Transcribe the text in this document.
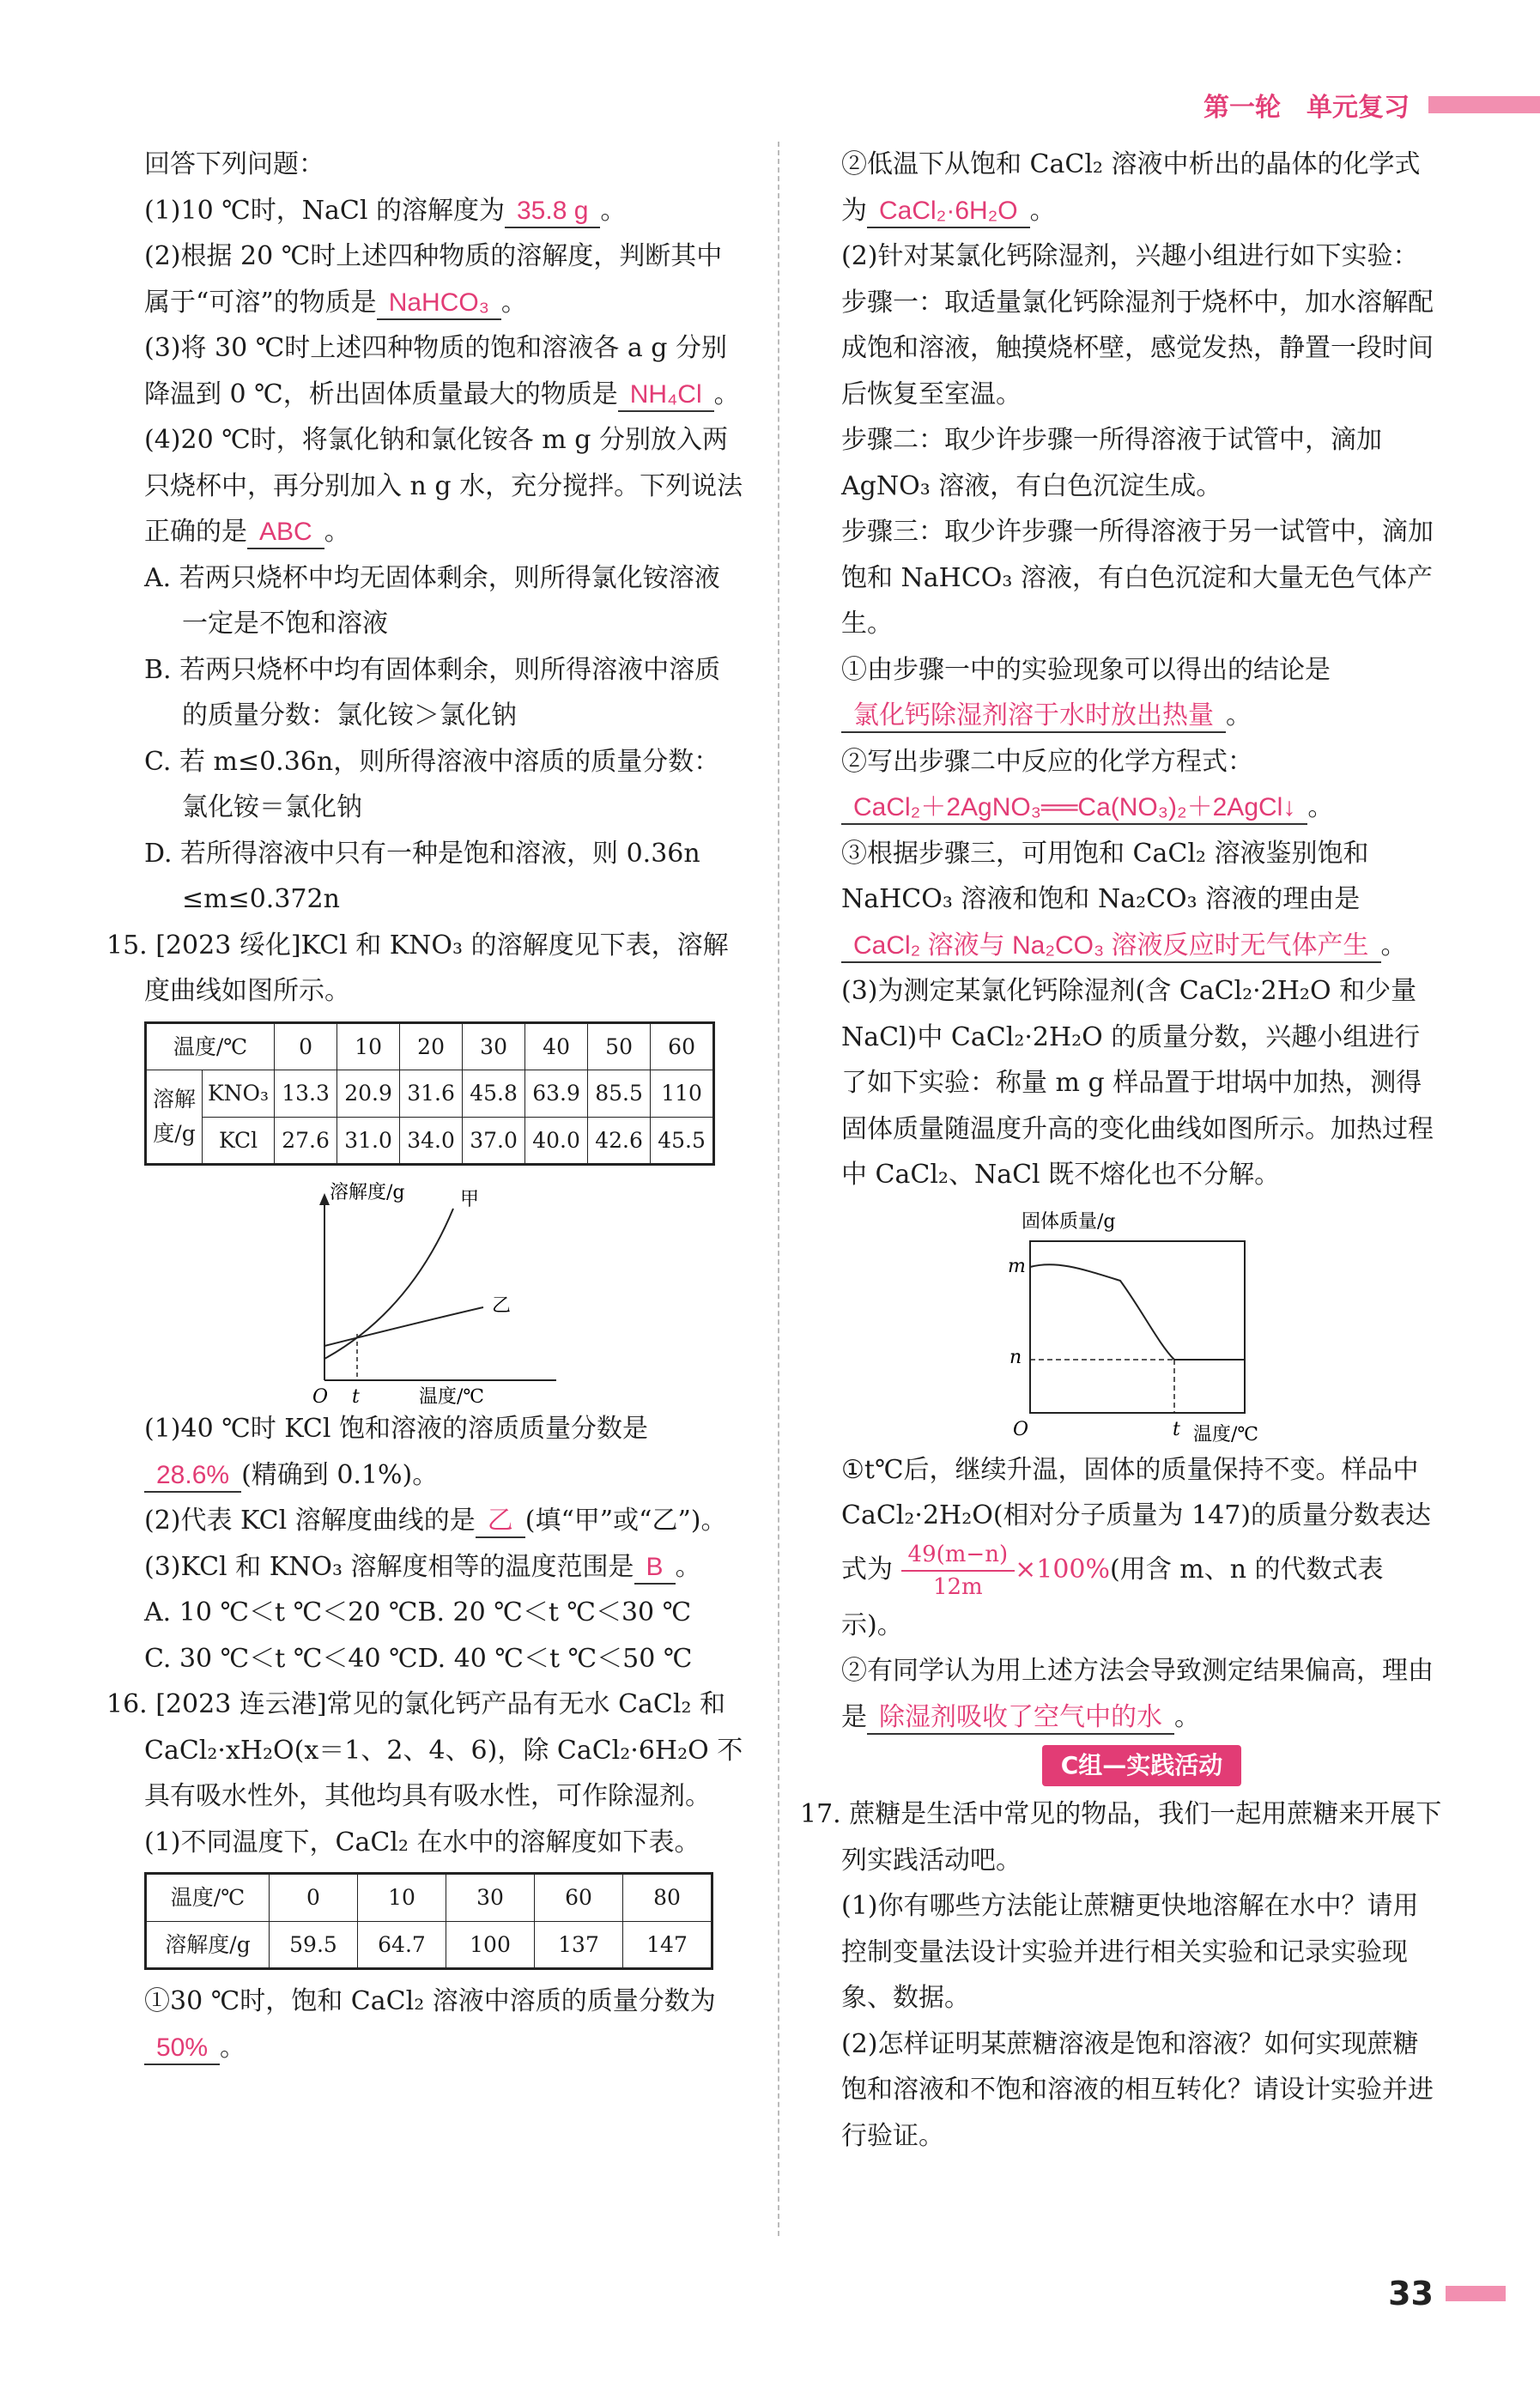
第一轮　单元复习

回答下列问题：

(1)10 ℃时，NaCl 的溶解度为 35.8 g 。

(2)根据 20 ℃时上述四种物质的溶解度，判断其中属于“可溶”的物质是 NaHCO₃ 。

(3)将 30 ℃时上述四种物质的饱和溶液各 a g 分别降温到 0 ℃，析出固体质量最大的物质是 NH₄Cl 。

(4)20 ℃时，将氯化钠和氯化铵各 m g 分别放入两只烧杯中，再分别加入 n g 水，充分搅拌。下列说法正确的是 ABC 。

A. 若两只烧杯中均无固体剩余，则所得氯化铵溶液一定是不饱和溶液

B. 若两只烧杯中均有固体剩余，则所得溶液中溶质的质量分数：氯化铵＞氯化钠

C. 若 m≤0.36n，则所得溶液中溶质的质量分数：氯化铵＝氯化钠

D. 若所得溶液中只有一种是饱和溶液，则 0.36n ≤m≤0.372n

15. [2023 绥化]KCl 和 KNO₃ 的溶解度见下表，溶解度曲线如图所示。

温度/℃		0	10	20	30	40	50	60
溶解度/g	KNO₃	13.3	20.9	31.6	45.8	63.9	85.5	110
	KCl	27.6	31.0	34.0	37.0	40.0	42.6	45.5
溶解度/g
温度/℃
O t
甲
乙

(1)40 ℃时 KCl 饱和溶液的溶质质量分数是28.6% (精确到 0.1%)。

(2)代表 KCl 溶解度曲线的是 乙 (填“甲”或“乙”)。

(3)KCl 和 KNO₃ 溶解度相等的温度范围是 B 。

A. 10 ℃＜t ℃＜20 ℃B. 20 ℃＜t ℃＜30 ℃

C. 30 ℃＜t ℃＜40 ℃D. 40 ℃＜t ℃＜50 ℃

16. [2023 连云港]常见的氯化钙产品有无水 CaCl₂ 和 CaCl₂·xH₂O(x＝1、2、4、6)，除 CaCl₂·6H₂O 不具有吸水性外，其他均具有吸水性，可作除湿剂。

(1)不同温度下，CaCl₂ 在水中的溶解度如下表。

温度/℃	0	10	30	60	80
溶解度/g	59.5	64.7	100	137	147

①30 ℃时，饱和 CaCl₂ 溶液中溶质的质量分数为50% 。

②低温下从饱和 CaCl₂ 溶液中析出的晶体的化学式为 CaCl₂·6H₂O 。

(2)针对某氯化钙除湿剂，兴趣小组进行如下实验：

步骤一：取适量氯化钙除湿剂于烧杯中，加水溶解配成饱和溶液，触摸烧杯壁，感觉发热，静置一段时间后恢复至室温。

步骤二：取少许步骤一所得溶液于试管中，滴加 AgNO₃ 溶液，有白色沉淀生成。

步骤三：取少许步骤一所得溶液于另一试管中，滴加饱和 NaHCO₃ 溶液，有白色沉淀和大量无色气体产生。

①由步骤一中的实验现象可以得出的结论是氯化钙除湿剂溶于水时放出热量 。

②写出步骤二中反应的化学方程式：CaCl₂＋2AgNO₃══Ca(NO₃)₂＋2AgCl↓ 。

③根据步骤三，可用饱和 CaCl₂ 溶液鉴别饱和 NaHCO₃ 溶液和饱和 Na₂CO₃ 溶液的理由是CaCl₂ 溶液与 Na₂CO₃ 溶液反应时无气体产生 。

(3)为测定某氯化钙除湿剂(含 CaCl₂·2H₂O 和少量 NaCl)中 CaCl₂·2H₂O 的质量分数，兴趣小组进行了如下实验：称量 m g 样品置于坩埚中加热，测得固体质量随温度升高的变化曲线如图所示。加热过程中 CaCl₂、NaCl 既不熔化也不分解。

固体质量/g
m
n
O	t 温度/℃

①t℃后，继续升温，固体的质量保持不变。样品中 CaCl₂·2H₂O(相对分子质量为 147)的质量分数表达式为 $\frac{49(m-n)}{12m} \times 100\%$(用含 m、n 的代数式表示)。

②有同学认为用上述方法会导致测定结果偏高，理由是 除湿剂吸收了空气中的水 。

C组—实践活动

17. 蔗糖是生活中常见的物品，我们一起用蔗糖来开展下列实践活动吧。

(1)你有哪些方法能让蔗糖更快地溶解在水中？请用控制变量法设计实验并进行相关实验和记录实验现象、数据。

(2)怎样证明某蔗糖溶液是饱和溶液？如何实现蔗糖饱和溶液和不饱和溶液的相互转化？请设计实验并进行验证。

33
